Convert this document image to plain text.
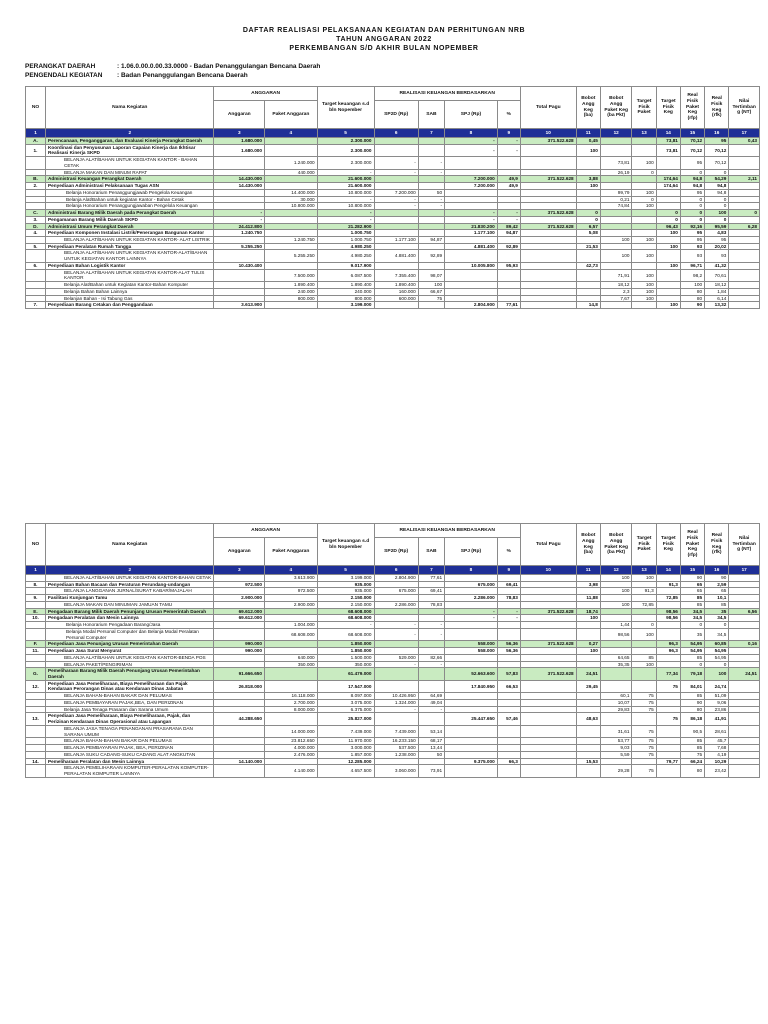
DAFTAR REALISASI PELAKSANAAN KEGIATAN DAN PERHITUNGAN NRB
TAHUN ANGGARAN 2022
PERKEMBANGAN S/D AKHIR BULAN NOPEMBER
PERANGKAT DAERAH	: 1.06.0.00.0.00.33.0000 - Badan Penanggulangan Bencana Daerah
PENGENDALI KEGIATAN : Badan Penanggulangan Bencana Daerah
NO	Nama Kegiatan	ANGGARAN		Target keuangan s.d bln Nopember	REALISASI KEUANGAN BERDASARKAN				Total Pagu	Bobot Angg Keg (ba)	Bobot Angg Paket Keg (ba Pkt)	Target Fisik Paket	Target Fisik Keg	Real Fisik Paket Keg (rfp)	Real Fisik Keg (rfk)	Nilai Tertimbang (NT)
		Anggaran	Paket Anggaran		SP2D (Rp)	SAB	SPJ (Rp)	%								
1	2	3	4	5	6	7	8	9	10	11	12	13	14	15	16	17
A.	Perencanaan, Penganggaran, dan Evaluasi Kinerja Perangkat Daerah	1.680.000		2.300.000			-	-	371.522.628	0,45			73,81	70,12	95	0,43
1.	Koordinasi dan Penyusunan Laporan Capaian Kinerja dan Ikhtisar Realisasi Kinerja SKPD	1.680.000		2.300.000			-	-		100			73,81	70,12	70,12	
	BELANJA ALAT/BAHAN UNTUK KEGIATAN KANTOR - BAHAN CETAK		1.240.000	2.300.000	-	-					73,81	100		95	70,12	
	BELANJA MAKAN DAN MINUM RAPAT		440.000	-	-	-					26,19	0		0	0	
B.	Administrasi Keuangan Perangkat Daerah	14.430.000		21.600.000			7.200.000	49,9	371.522.628	3,88			174,64	94,8	54,29	2,11
2.	Penyediaan Administrasi Pelaksanaan Tugas ASN	14.430.000		21.600.000			7.200.000	49,9		100			174,64	94,8	94,8	
	Belanja Honorarium Penanggungjawab Pengelola Keuangan		14.400.000	10.800.000	7.200.000	50					99,79	100		95	94,8	
	Belanja Alat/Bahan untuk kegiatan Kantor - Bahan Cetak		30.000	-	-	-					0,21	0		0	0	
	Belanja Honorarium Penanggungjawaban Pengelola Keuangan		10.800.000	10.800.000	-	-					74,84	100		0	0	
C.	Administrasi Barang Milik Daerah pada Perangkat Daerah	-		-			-	-	371.522.628	0			0	0	100	0
3.	Pengamanan Barang Milik Daerah SKPD	-		-			-	-		0			0	0	0	
D.	Administrasi Umum Perangkat Daerah	24.412.800		21.282.900			21.830.200	89,42	371.522.628	6,57			96,43	92,16	95,59	6,28
4.	Penyediaan Komponen Instalasi Listrik/Penerangan Bangunan Kantor	1.240.750		1.000.750			1.177.100	94,87		5,08			100	95	4,83	
	BELANJA ALAT/BAHAN UNTUK KEGIATAN KANTOR- ALAT LISTRIK		1.240.750	1.000.750	1.177.100	94,87					100	100		95	95	
5.	Penyediaan Peralatan Rumah Tangga	5.255.250		4.980.250			4.881.400	92,89		21,53			100	93	20,02	
	BELANJA ALAT/BAHAN UNTUK KEGIATAN KANTOR-ALAT/BAHAN UNTUK KEGIATAN KANTOR LAINNYA		5.255.250	4.980.250	4.881.400	92,89					100	100		93	93	
6.	Penyediaan Bahan Logistik Kantor	10.430.400		9.017.900			10.005.800	95,93		42,73			100	96,71	41,32	
	BELANJA ALAT/BAHAN UNTUK KEGIATAN KANTOR-ALAT TULIS KANTOR		7.500.000	6.087.500	7.355.400	98,07					71,91	100		98,2	70,61	
	Belanja Alat/Bahan untuk Kegiatan Kantor-Bahan Komputer		1.890.400	1.890.400	1.890.400	100					18,12	100		100	18,12	
	Belanja Bahan Bahan Lainnya		240.000	240.000	160.000	66,67					2,3	100		80	1,84	
	Belanjan Bahan - Isi Tabung Gas		800.000	800.000	600.000	75					7,67	100		80	6,14	
7.	Penyediaan Barang Cetakan dan Penggandaan	3.613.900		3.199.000			2.804.900	77,61		14,8			100	90	13,32	
NO	Nama Kegiatan	ANGGARAN		Target keuangan s.d bln Nopember	REALISASI KEUANGAN BERDASARKAN				Total Pagu	Bobot Angg Keg (ba)	Bobot Angg Paket Keg (ba Pkt)	Target Fisik Paket	Target Fisik Keg	Real Fisik Paket Keg (rfp)	Real Fisik Keg (rfk)	Nilai Tertimbang (NT)
		Anggaran	Paket Anggaran		SP2D (Rp)	SAB	SPJ (Rp)	%								
1	2	3	4	5	6	7	8	9	10	11	12	13	14	15	16	17
	BELANJA ALAT/BAHAN UNTUK KEGIATAN KANTOR-BAHAN CETAK		3.613.900	3.199.000	2.804.900	77,61					100	100		90	90	
8.	Penyediaan Bahan Bacaan dan Peraturan Perundang-undangan	972.500		935.000			675.000	69,41		3,98			91,3	65	2,59	
	BELANJA LANGGANAN JURNAL/SURAT KABAR/MAJALAH		972.500	935.000	675.000	69,41					100	91,3		65	65	
9.	Fasilitasi Kunjungan Tamu	2.900.000		2.150.000			2.286.000	78,83		11,88			72,85	85	10,1	
	BELANJA MAKAN DAN MINUMAN JAMUAN TAMU		2.900.000	2.150.000	2.286.000	78,83					100	72,85		85	85	
E.	Pengadaan Barang Milik Daerah Penunjang Urusan Pemerintah Daerah	69.612.000		68.608.000			-	-	371.522.628	18,74			98,56	34,5	35	6,56
10.	Pengadaan Peralatan dan Mesin Lainnya	69.612.000		68.608.000			-	-		100			98,56	34,5	34,5	
	Belanja Honorarium Pengadaan Barang/Jasa		1.004.000	-	-	-					1,44	0		0	0	
	Belanja Modal Personal Computer dan Belanja Modal Peralatan Personal Computer		68.608.000	68.608.000	-	-					98,56	100		35	34,5	
F.	Penyediaan Jasa Penunjang Urusan Pemerintahan Daerah	990.000		1.850.000			558.000	56,36	371.522.628	0,27			96,3	54,95	60,85	0,16
11.	Penyediaan Jasa Surat Menyurat	990.000		1.850.000			558.000	56,36		100			96,3	54,95	54,95	
	BELANJA ALAT/BAHAN UNTUK KEGIATAN KANTOR-BENDA POS		640.000	1.500.000	529.000	82,66					64,65	85		85	54,95	
	BELANJA PAKET/PENGIRIMAN		350.000	350.000	-	-					35,35	100		0	0	
G.	Pemeliharaan Barang Milik Daerah Penunjang Urusan Pemerintahan Daerah	91.666.650		61.479.000			52.663.600	57,83	371.522.628	24,51			77,34	79,18	100	24,51
12.	Penyediaan Jasa Pemeliharaan, Biaya Pemeliharaan dan Pajak Kendaraan Perorangan Dinas atau Kendaraan Dinas Jabatan	26.818.000		17.547.000			17.840.950	66,53		29,45			75	84,01	24,74	
	BELANJA BAHAN-BAHAN BAKAR DAN PELUMAS		16.118.000	8.097.000	10.426.950	64,69					60,1	75		85	51,09	
	BELANJA PEMBAYARAN PAJAK,BEA, DAN PERIZINAN		2.700.000	3.075.000	1.324.000	49,04					10,07	75		90	9,06	
	Belanja Jasa Tenaga Prasaran dan Sarana Umum		8.000.000	6.375.000	-	-					29,83	75		80	23,86	
13.	Penyediaan Jasa Pemeliharaan, Biaya Pemeliharaan, Pajak, dan Perizinan Kendaraan Dinas Operasional atau Lapangan	44.288.650		25.827.000			25.447.650	57,46		48,63			75	86,18	41,91	
	BELANJA JASA TENAGA PENANGANAN PRASARANA DAN SARANA UMUM		14.000.000	7.439.000	7.439.000	53,14					31,61	75		90,5	28,61	
	BELANJA BAHAN-BAHAN BAKAR DAN PELUMAS		23.812.650	11.970.000	16.233.150	68,17					53,77	75		85	45,7	
	BELANJA PEMBAYARAN PAJAK, BEA, PERIZINAN		4.000.000	3.000.000	537.500	13,44					9,03	75		85	7,68	
	BELANJA SUKU CADANG-SUKU CADANG ALAT ANGKUTAN		2.476.000	1.857.000	1.238.000	50					5,59	75		75	4,19	
14.	Pemeliharaan Peralatan dan Mesin Lainnya	14.140.000		12.285.000			9.375.000	66,3		15,53			79,77	66,24	10,29	
	BELANJA PEMELIHARAAN KOMPUTER-PERALATAN KOMPUTER-PERALATAN KOMPUTER LAINNYA		4.140.000	4.657.500	3.060.000	73,91					29,28	75		80	23,42	
